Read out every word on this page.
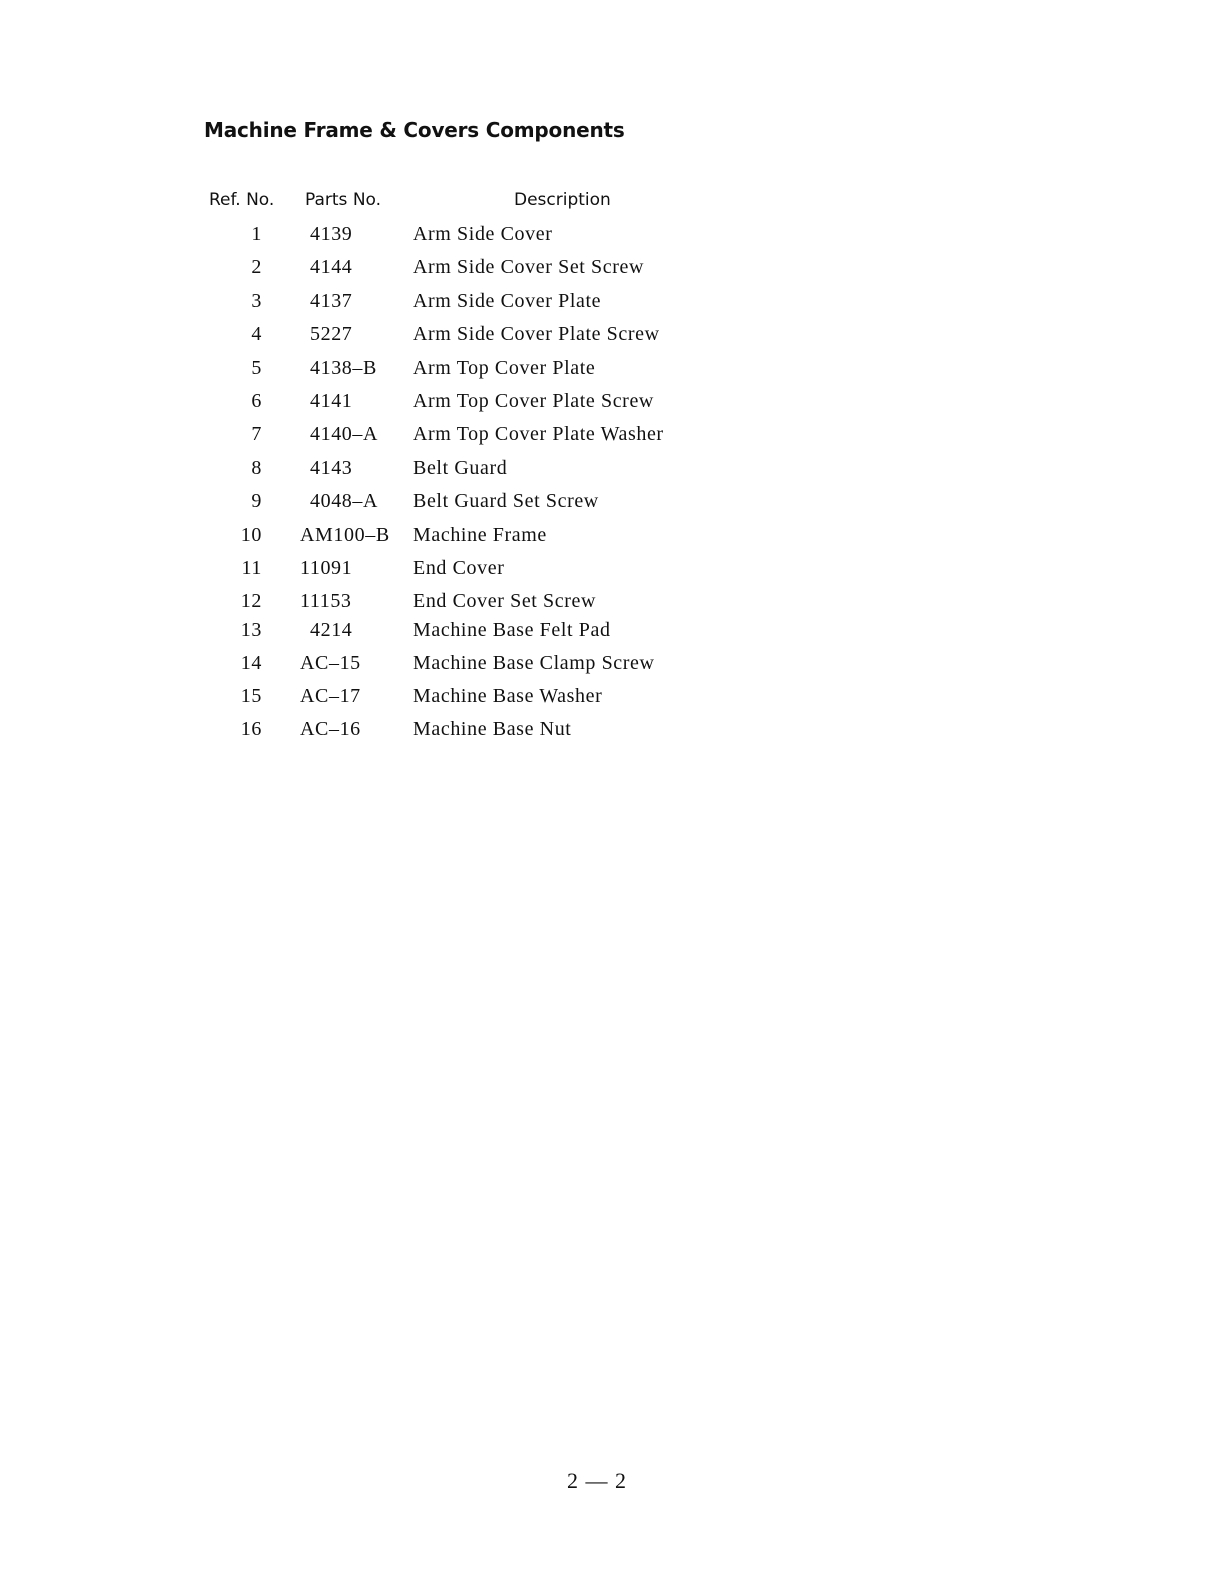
Machine Frame & Covers Components
Ref. No. Parts No.	Description
1 4139	Arm Side Cover
2 4144	Arm Side Cover Set Screw
3 4137	Arm Side Cover Plate
4 5227	Arm Side Cover Plate Screw
5 4138–B Arm Top Cover Plate
6 4141	Arm Top Cover Plate Screw
7 4140–A Arm Top Cover Plate Washer
8 4143	Belt Guard
9 4048–A Belt Guard Set Screw
10 AM100–B Machine Frame
11 11091	End Cover
12 11153	End Cover Set Screw
13 4214	Machine Base Felt Pad
14 AC–15	Machine Base Clamp Screw
15 AC–17	Machine Base Washer
16 AC–16	Machine Base Nut
2 — 2
